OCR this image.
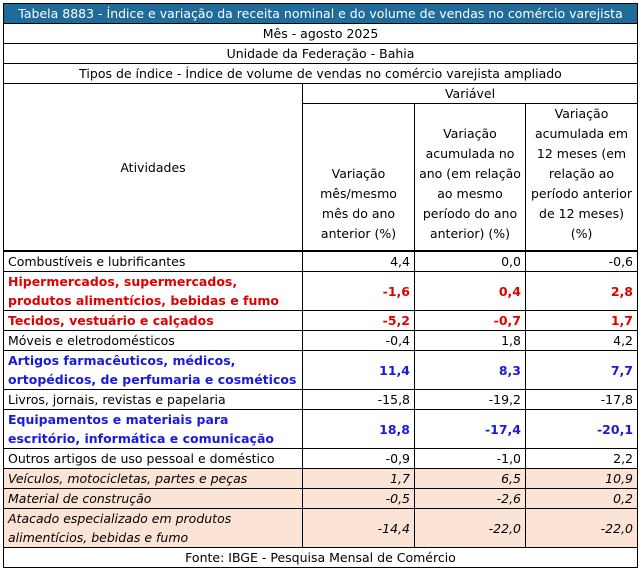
Tabela 8883 - Índice e variação da receita nominal e do volume de vendas no comércio varejista			
Mês - agosto 2025			
Unidade da Federação - Bahia			
Tipos de índice - Índice de volume de vendas no comércio varejista ampliado			
Atividades	Variável		
	Variação mês/mesmo mês do ano anterior (%)	Variação acumulada no ano (em relação ao mesmo período do ano anterior) (%)	Variação acumulada em 12 meses (em relação ao período anterior de 12 meses) (%)
Combustíveis e lubrificantes	4,4	0,0	-0,6
Hipermercados, supermercados, produtos alimentícios, bebidas e fumo	-1,6	0,4	2,8
Tecidos, vestuário e calçados	-5,2	-0,7	1,7
Móveis e eletrodomésticos	-0,4	1,8	4,2
Artigos farmacêuticos, médicos, ortopédicos, de perfumaria e cosméticos	11,4	8,3	7,7
Livros, jornais, revistas e papelaria	-15,8	-19,2	-17,8
Equipamentos e materiais para escritório, informática e comunicação	18,8	-17,4	-20,1
Outros artigos de uso pessoal e doméstico	-0,9	-1,0	2,2
Veículos, motocicletas, partes e peças	1,7	6,5	10,9
Material de construção	-0,5	-2,6	0,2
Atacado especializado em produtos alimentícios, bebidas e fumo	-14,4	-22,0	-22,0
Fonte: IBGE - Pesquisa Mensal de Comércio			
